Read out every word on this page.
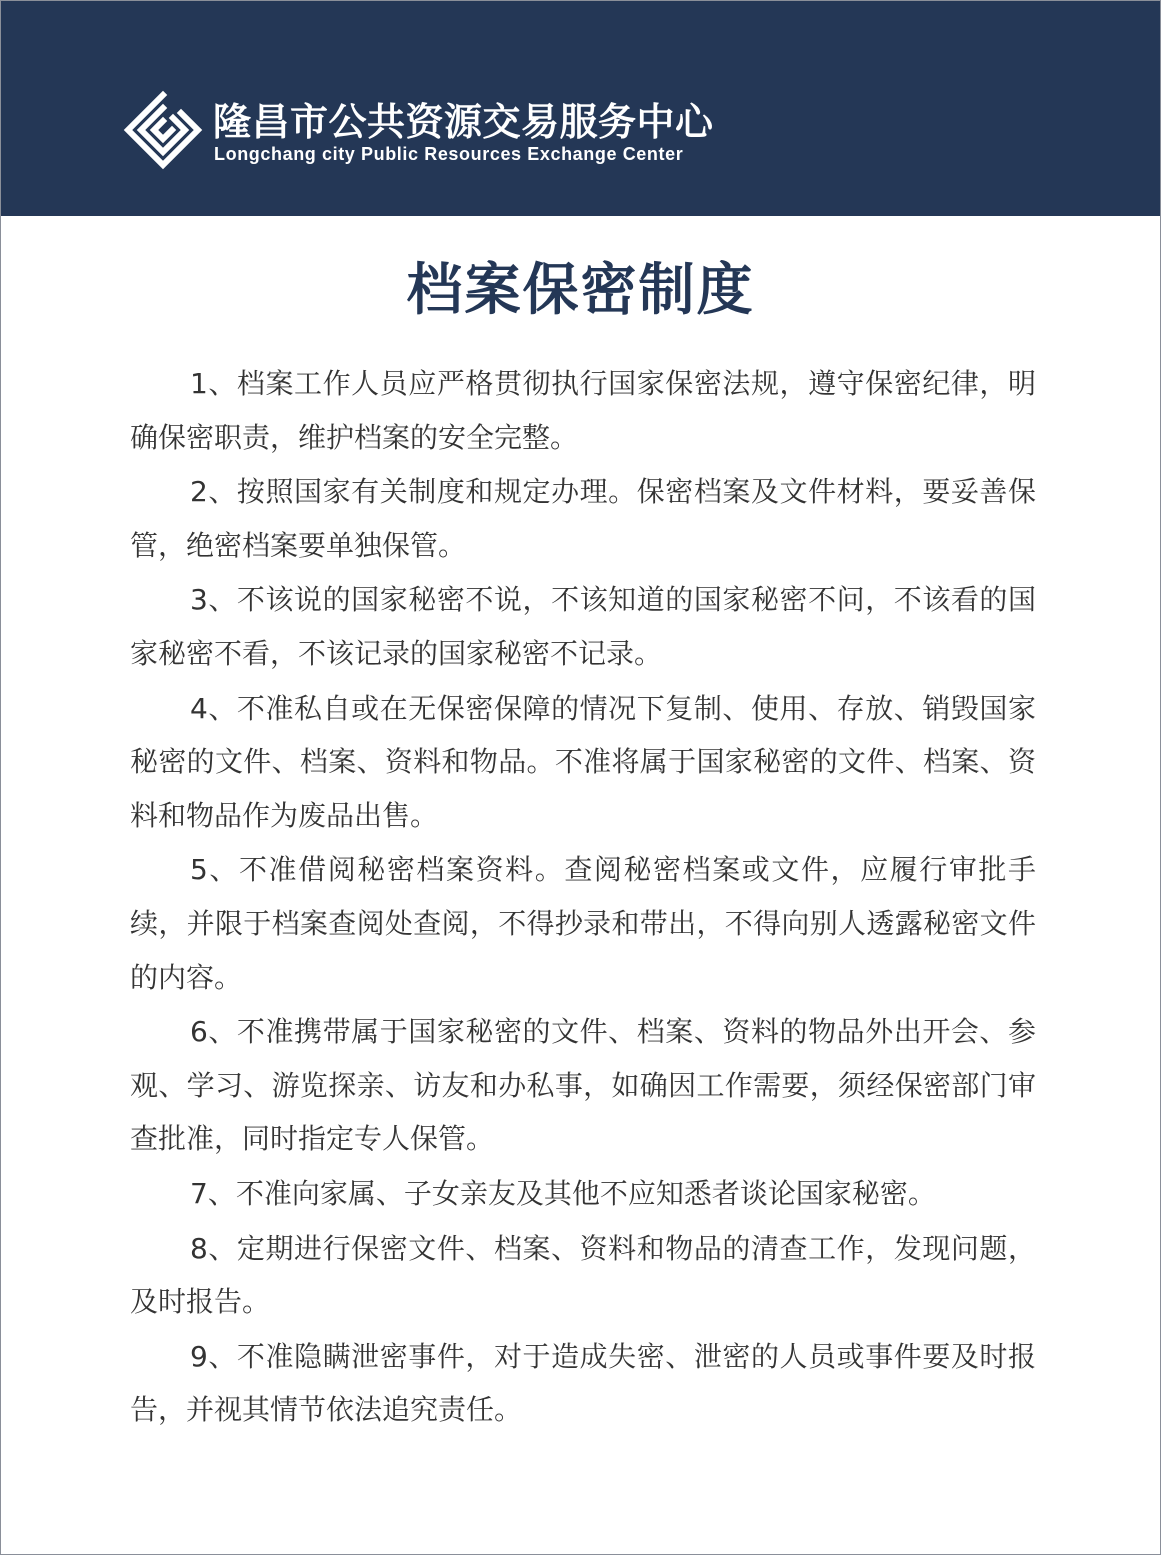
隆昌市公共资源交易服务中心

Longchang city Public Resources Exchange Center

档案保密制度
1、档案工作人员应严格贯彻执行国家保密法规，遵守保密纪律，明确保密职责，维护档案的安全完整。
2、按照国家有关制度和规定办理。保密档案及文件材料，要妥善保管，绝密档案要单独保管。
3、不该说的国家秘密不说，不该知道的国家秘密不问，不该看的国家秘密不看，不该记录的国家秘密不记录。
4、不准私自或在无保密保障的情况下复制、使用、存放、销毁国家秘密的文件、档案、资料和物品。不准将属于国家秘密的文件、档案、资料和物品作为废品出售。
5、不准借阅秘密档案资料。查阅秘密档案或文件，应履行审批手续，并限于档案查阅处查阅，不得抄录和带出，不得向别人透露秘密文件的内容。
6、不准携带属于国家秘密的文件、档案、资料的物品外出开会、参观、学习、游览探亲、访友和办私事，如确因工作需要，须经保密部门审查批准，同时指定专人保管。
7、不准向家属、子女亲友及其他不应知悉者谈论国家秘密。
8、定期进行保密文件、档案、资料和物品的清查工作，发现问题，及时报告。
9、不准隐瞒泄密事件，对于造成失密、泄密的人员或事件要及时报告，并视其情节依法追究责任。
